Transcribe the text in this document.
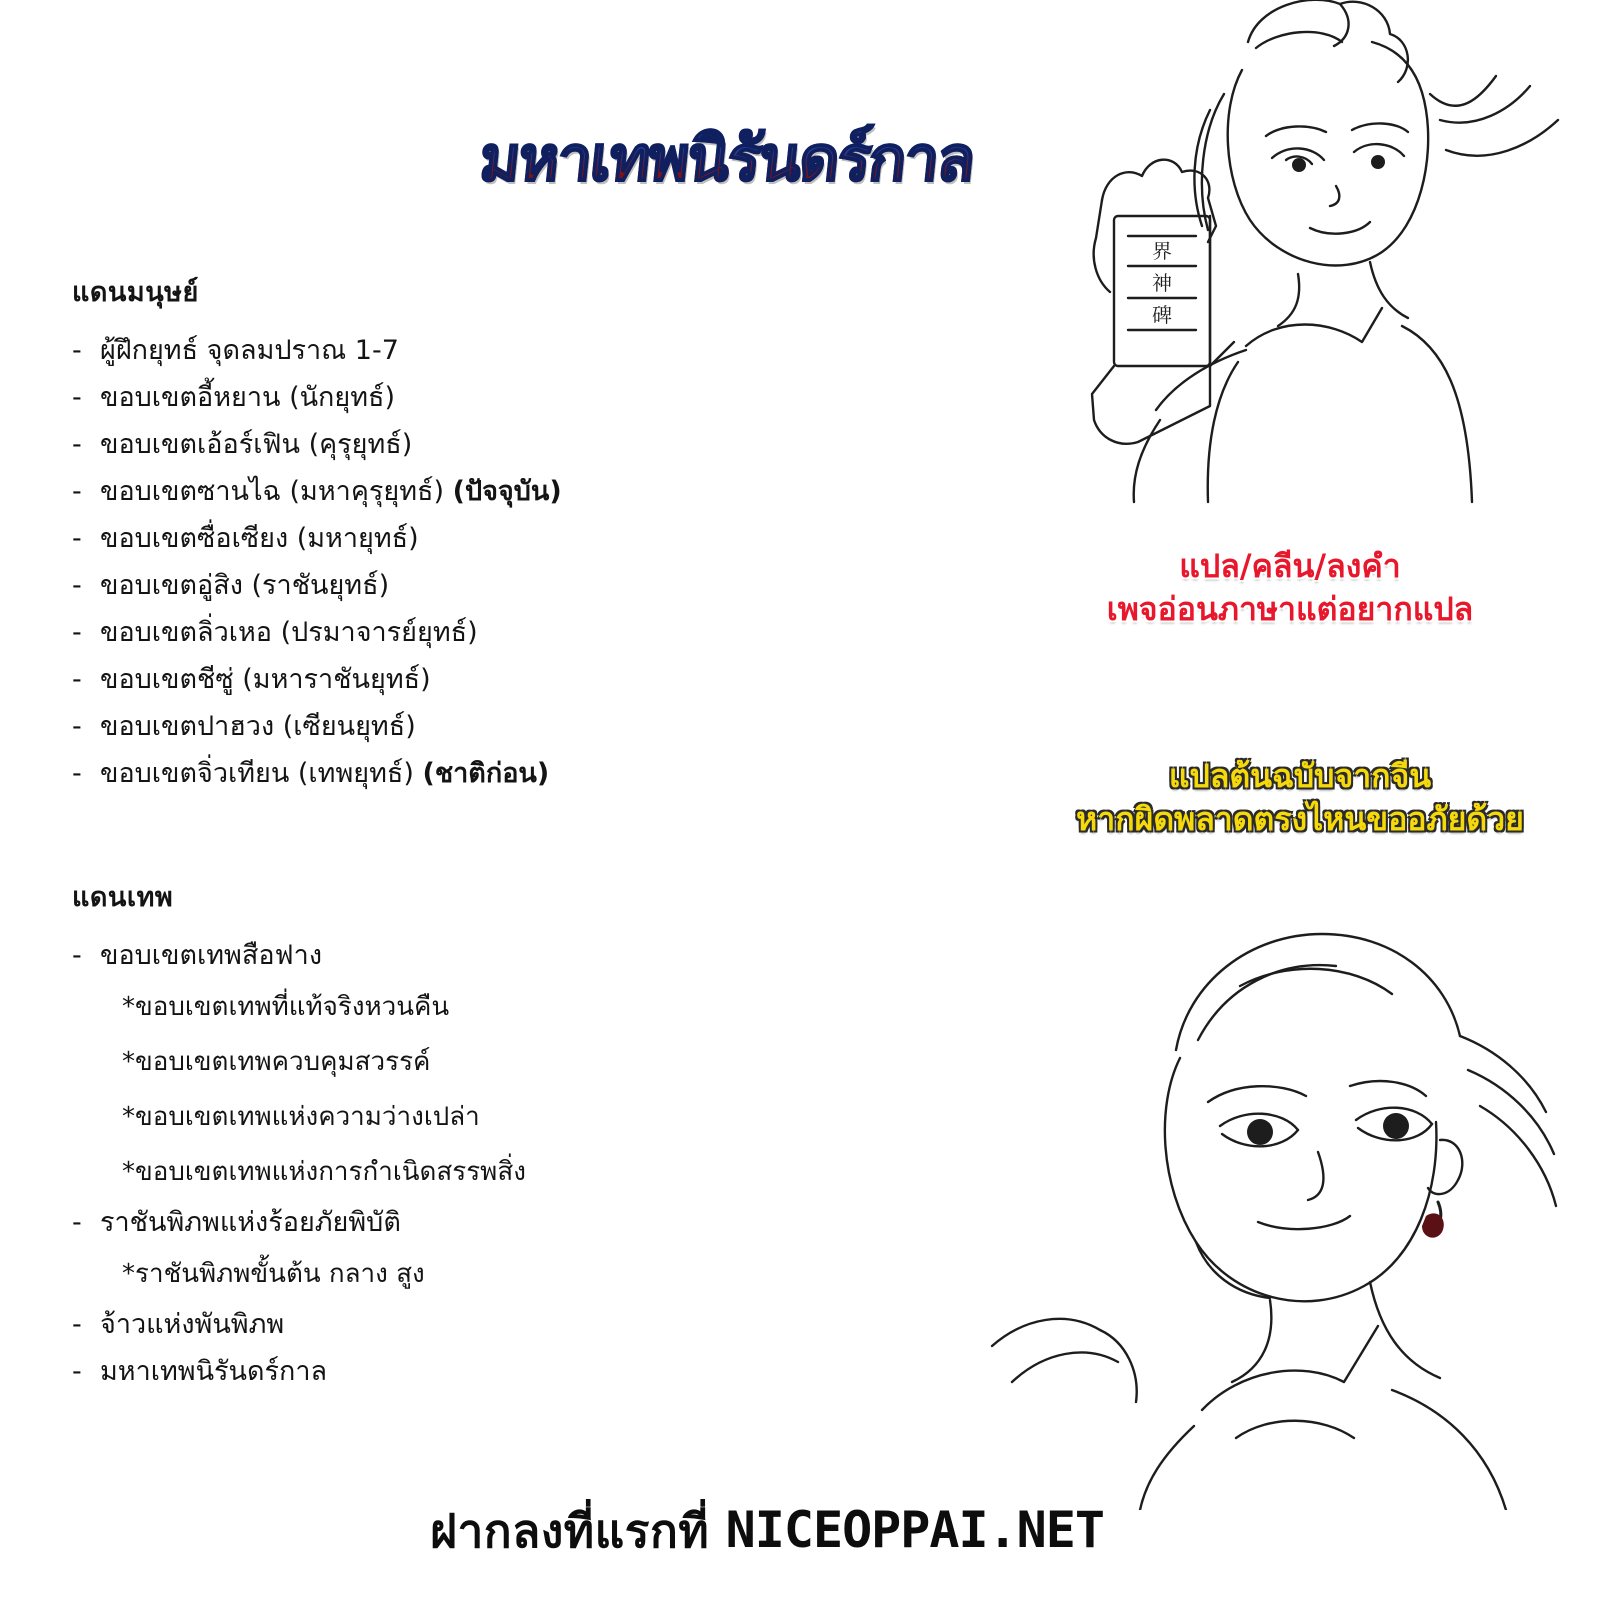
มหาเทพนิรันดร์กาล
界
神
碑
แดนมนุษย์
- ผู้ฝึกยุทธ์ จุดลมปราณ 1-7
- ขอบเขตอี้หยาน (นักยุทธ์)
- ขอบเขตเอ้อร์เฟิน (คุรุยุทธ์)
- ขอบเขตซานไฉ (มหาคุรุยุทธ์) (ปัจจุบัน)
- ขอบเขตซื่อเซียง (มหายุทธ์)
- ขอบเขตอู่สิง (ราชันยุทธ์)
- ขอบเขตลิ่วเหอ (ปรมาจารย์ยุทธ์)
- ขอบเขตชีซู่ (มหาราชันยุทธ์)
- ขอบเขตปาฮวง (เซียนยุทธ์)
- ขอบเขตจิ่วเทียน (เทพยุทธ์) (ชาติก่อน)
แดนเทพ
- ขอบเขตเทพสือฟาง
*ขอบเขตเทพที่แท้จริงหวนคืน
*ขอบเขตเทพควบคุมสวรรค์
*ขอบเขตเทพแห่งความว่างเปล่า
*ขอบเขตเทพแห่งการกำเนิดสรรพสิ่ง
- ราชันพิภพแห่งร้อยภัยพิบัติ
*ราชันพิภพขั้นต้น กลาง สูง
- จ้าวแห่งพันพิภพ
- มหาเทพนิรันดร์กาล
แปล/คลีน/ลงคำ
เพจอ่อนภาษาแต่อยากแปล
แปลต้นฉบับจากจีน
หากผิดพลาดตรงไหนขออภัยด้วย
ฝากลงที่แรกที่ NICEOPPAI.NET
